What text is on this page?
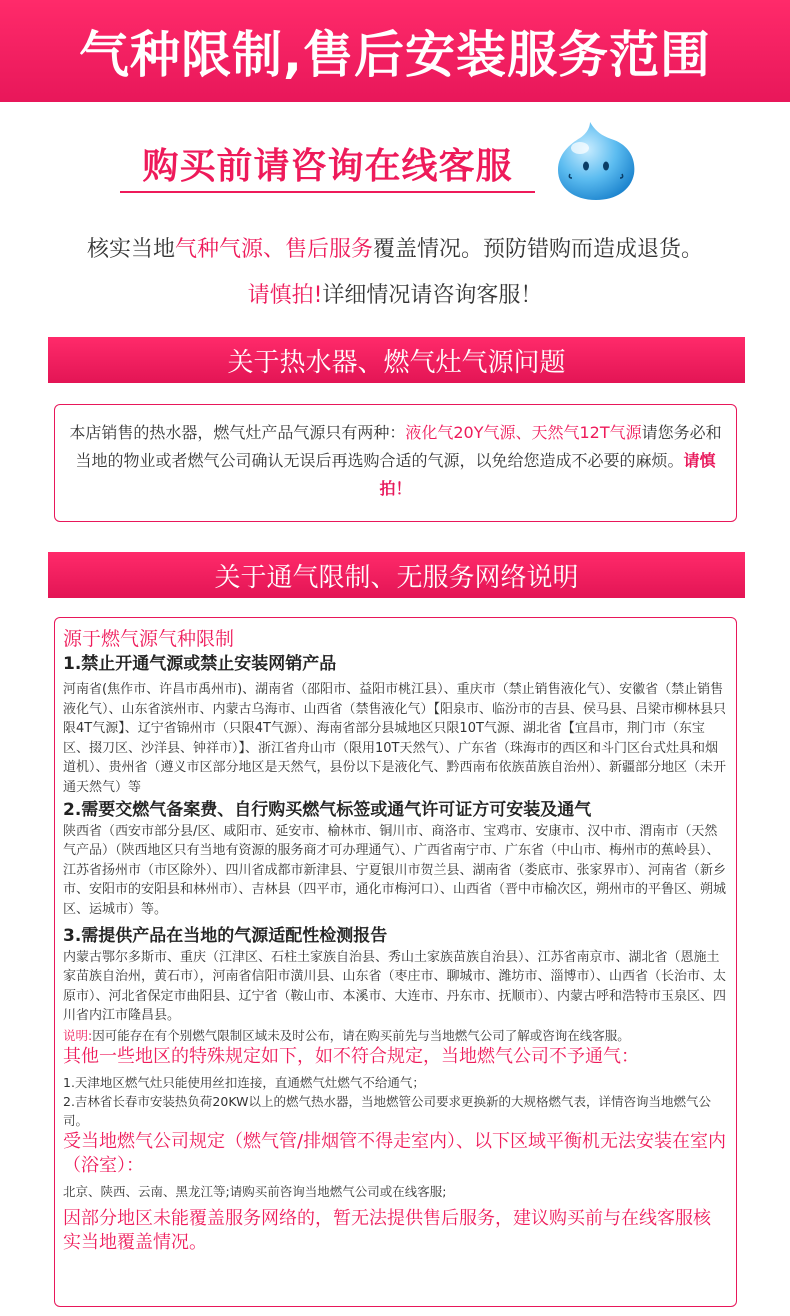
气种限制,售后安装服务范围
购买前请咨询在线客服
核实当地气种气源、售后服务覆盖情况。预防错购而造成退货。
请慎拍!详细情况请咨询客服！
关于热水器、燃气灶气源问题

本店销售的热水器，燃气灶产品气源只有两种：液化气20Y气源、天然气12T气源请您务必和当地的物业或者燃气公司确认无误后再选购合适的气源，以免给您造成不必要的麻烦。请慎拍！

关于通气限制、无服务网络说明

源于燃气源气种限制

1.禁止开通气源或禁止安装网销产品

河南省(焦作市、许昌市禹州市)、湖南省（邵阳市、益阳市桃江县）、重庆市（禁止销售液化气）、安徽省（禁止销售液化气）、山东省滨州市、内蒙古乌海市、山西省（禁售液化气）【阳泉市、临汾市的吉县、侯马县、吕梁市柳林县只限4T气源】、辽宁省锦州市（只限4T气源）、海南省部分县城地区只限10T气源、湖北省【宜昌市，荆门市（东宝区、掇刀区、沙洋县、钟祥市）】、浙江省舟山市（限用10T天然气）、广东省（珠海市的西区和斗门区台式灶具和烟道机）、贵州省（遵义市区部分地区是天然气，县份以下是液化气、黔西南布依族苗族自治州）、新疆部分地区（未开通天然气）等

2.需要交燃气备案费、自行购买燃气标签或通气许可证方可安装及通气

陕西省（西安市部分县/区、咸阳市、延安市、榆林市、铜川市、商洛市、宝鸡市、安康市、汉中市、渭南市（天然气产品）（陕西地区只有当地有资源的服务商才可办理通气）、广西省南宁市、广东省（中山市、梅州市的蕉岭县）、江苏省扬州市（市区除外）、四川省成都市新津县、宁夏银川市贺兰县、湖南省（娄底市、张家界市）、河南省（新乡市、安阳市的安阳县和林州市）、吉林县（四平市，通化市梅河口）、山西省（晋中市榆次区，朔州市的平鲁区、朔城区、运城市）等。

3.需提供产品在当地的气源适配性检测报告

内蒙古鄂尔多斯市、重庆（江津区、石柱土家族自治县、秀山土家族苗族自治县）、江苏省南京市、湖北省（恩施土家苗族自治州，黄石市），河南省信阳市潢川县、山东省（枣庄市、聊城市、潍坊市、淄博市）、山西省（长治市、太原市）、河北省保定市曲阳县、辽宁省（鞍山市、本溪市、大连市、丹东市、抚顺市）、内蒙古呼和浩特市玉泉区、四川省内江市隆昌县。

说明:因可能存在有个别燃气限制区域未及时公布，请在购买前先与当地燃气公司了解或咨询在线客服。

其他一些地区的特殊规定如下，如不符合规定，当地燃气公司不予通气：

1.天津地区燃气灶只能使用丝扣连接，直通燃气灶燃气不给通气；

2.吉林省长春市安装热负荷20KW以上的燃气热水器，当地燃管公司要求更换新的大规格燃气表，详情咨询当地燃气公司。

受当地燃气公司规定（燃气管/排烟管不得走室内）、以下区域平衡机无法安装在室内（浴室）：

北京、陕西、云南、黑龙江等;请购买前咨询当地燃气公司或在线客服;

因部分地区未能覆盖服务网络的，暂无法提供售后服务，建议购买前与在线客服核实当地覆盖情况。
